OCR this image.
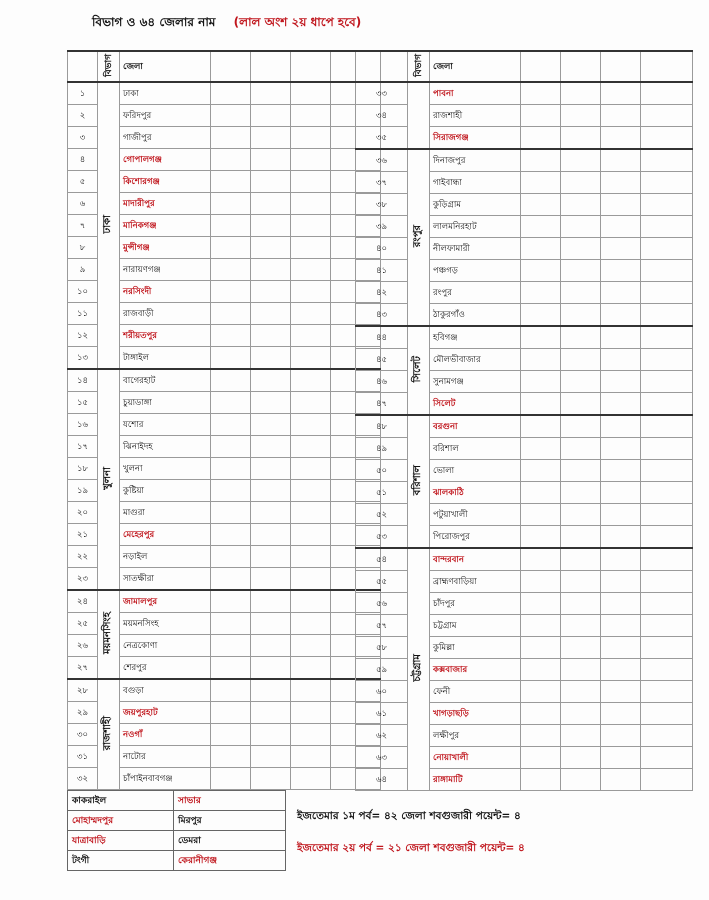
বিভাগ ও ৬৪ জেলার নাম (লাল অংশ ২য় ধাপে হবে)
	বিভাগ	জেলা				
১	ঢাকা	ঢাকা				
২		ফরিদপুর				
৩		গাজীপুর				
৪		গোপালগঞ্জ				
৫		কিশোরগঞ্জ				
৬		মাদারীপুর				
৭		মানিকগঞ্জ				
৮		মুন্সীগঞ্জ				
৯		নারায়ণগঞ্জ				
১০		নরসিংদী				
১১		রাজবাড়ী				
১২		শরীয়তপুর				
১৩		টাঙ্গাইল				
১৪	খুলনা	বাগেরহাট				
১৫		চুয়াডাঙ্গা				
১৬		যশোর				
১৭		ঝিনাইদহ				
১৮		খুলনা				
১৯		কুষ্টিয়া				
২০		মাগুরা				
২১		মেহেরপুর				
২২		নড়াইল				
২৩		সাতক্ষীরা				
২৪	ময়মনসিংহ	জামালপুর				
২৫		ময়মনসিংহ				
২৬		নেত্রকোণা				
২৭		শেরপুর				
২৮	রাজশাহী	বগুড়া				
২৯		জয়পুরহাট				
৩০		নওগাঁ				
৩১		নাটোর				
৩২		চাঁপাইনবাবগঞ্জ				
	বিভাগ	জেলা				
৩৩		পাবনা				
৩৪		রাজশাহী				
৩৫		সিরাজগঞ্জ				
৩৬	রংপুর	দিনাজপুর				
৩৭		গাইবান্ধা				
৩৮		কুড়িগ্রাম				
৩৯		লালমনিরহাট				
৪০		নীলফামারী				
৪১		পঞ্চগড়				
৪২		রংপুর				
৪৩		ঠাকুরগাঁও				
৪৪	সিলেট	হবিগঞ্জ				
৪৫		মৌলভীবাজার				
৪৬		সুনামগঞ্জ				
৪৭		সিলেট				
৪৮	বরিশাল	বরগুনা				
৪৯		বরিশাল				
৫০		ভোলা				
৫১		ঝালকাঠি				
৫২		পটুয়াখালী				
৫৩		পিরোজপুর				
৫৪	চট্টগ্রাম	বান্দরবান				
৫৫		ব্রাহ্মণবাড়িয়া				
৫৬		চাঁদপুর				
৫৭		চট্টগ্রাম				
৫৮		কুমিল্লা				
৫৯		কক্সবাজার				
৬০		ফেনী				
৬১		খাগড়াছড়ি				
৬২		লক্ষীপুর				
৬৩		নোয়াখালী				
৬৪		রাঙ্গামাটি				
কাকরাইল	সাভার
মোহাম্মদপুর	মিরপুর
যাত্রাবাড়ি	ডেমরা
টংগী	কেরানীগঞ্জ
ইজতেমার ১ম পর্ব= ৪২ জেলা শবগুজারী পয়েন্ট= ৪
ইজতেমার ২য় পর্ব = ২১ জেলা শবগুজারী পয়েন্ট= ৪
